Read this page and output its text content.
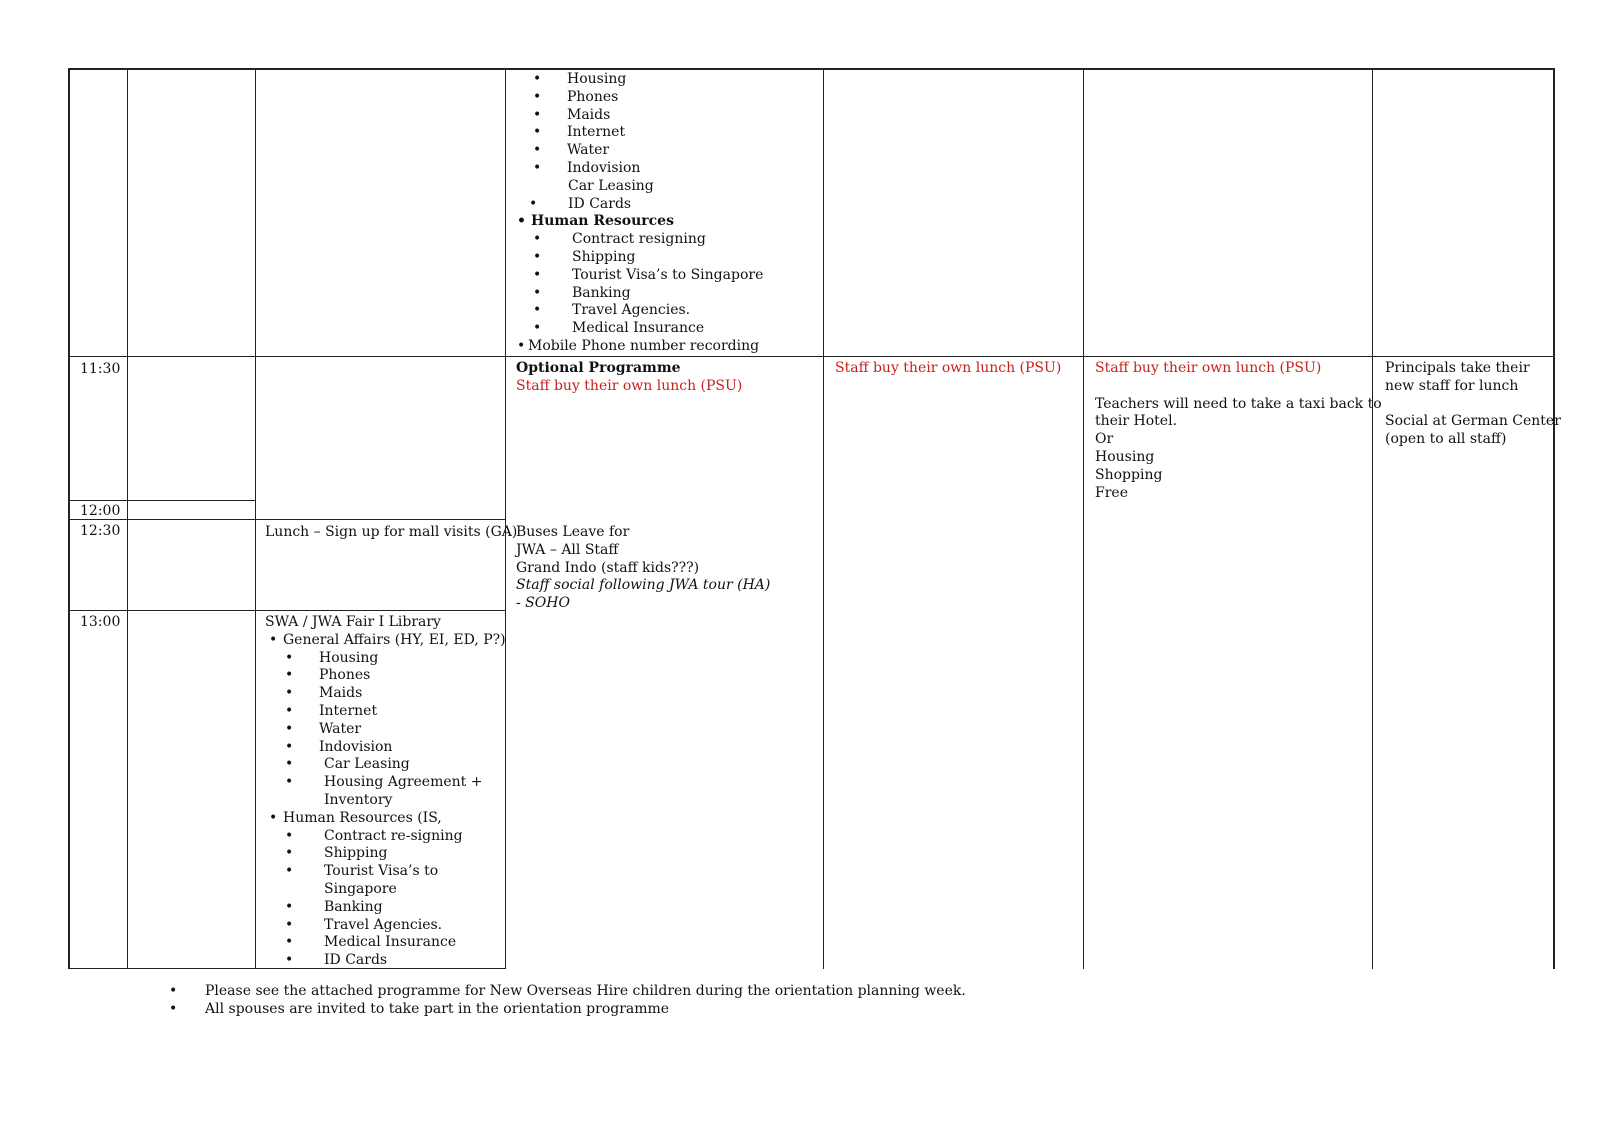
• Housing
• Phones
• Maids
• Internet
• Water
• Indovision
Car Leasing
• ID Cards
• Human Resources
• Contract resigning
• Shipping
• Tourist Visa’s to Singapore
• Banking
• Travel Agencies.
• Medical Insurance
• Mobile Phone number recording
11:30
12:00
12:30
13:00
Optional Programme
Staff buy their own lunch (PSU)
Staff buy their own lunch (PSU) Staff buy their own lunch (PSU)
Teachers will need to take a taxi back to
their Hotel.
Or
Housing
Shopping
Free
Principals take their
new staff for lunch
Social at German Center
(open to all staff)
Lunch – Sign up for mall visits (GA)
Buses Leave for
JWA – All Staff
Grand Indo (staff kids???)
Staff social following JWA tour (HA)
- SOHO
SWA / JWA Fair I Library
• General Affairs (HY, EI, ED, P?)
• Housing
• Phones
• Maids
• Internet
• Water
• Indovision
• Car Leasing
• Housing Agreement + Inventory
• Human Resources (IS,
• Contract re-signing
• Shipping
• Tourist Visa’s to Singapore
• Banking
• Travel Agencies.
• Medical Insurance
• ID Cards
• Please see the attached programme for New Overseas Hire children during the orientation planning week.
• All spouses are invited to take part in the orientation programme
